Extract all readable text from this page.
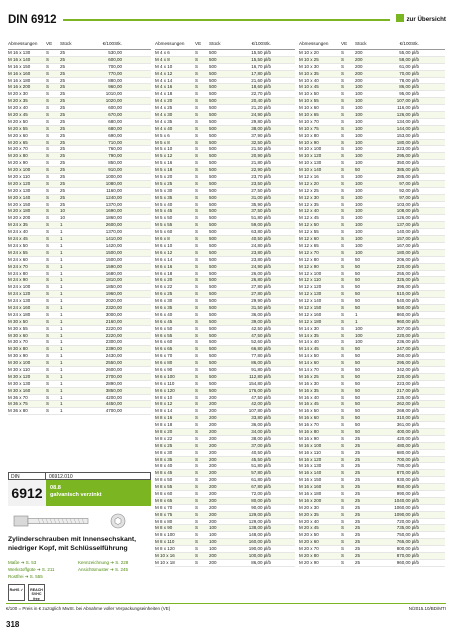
DIN 6912	zur Übersicht
Abmessungen VE Stück	€/100Stk.
M 16 x 130	S 25	530,00
M 16 x 140	S 25	600,00
M 16 x 150	S 25	700,00
M 16 x 160	S 25	770,00
M 16 x 180	S 25	880,00
M 16 x 200	S 25	960,00
M 20 x 30	S 25	1010,00
M 20 x 35	S 25	1020,00
M 20 x 40	S 25	600,00
M 20 x 45	S 25	670,00
M 20 x 50	S 25	680,00
M 20 x 55	S 25	680,00
M 20 x 60	S 25	690,00
M 20 x 65	S 25	710,00
M 20 x 70	S 25	760,00
M 20 x 80	S 25	790,00
M 20 x 90	S 25	850,00
M 20 x 100	S 25	910,00
M 20 x 110	S 25	1000,00
M 20 x 120	S 25	1080,00
M 20 x 130	S 25	1160,00
M 20 x 140	S 25	1240,00
M 20 x 150	S 25	1370,00
M 20 x 180	S 10	1690,00
M 20 x 200	S 10	1860,00
M 24 x 35	S 1	2600,00
M 24 x 40	S 1	1370,00
M 24 x 45	S 1	1410,00
M 24 x 50	S 1	1420,00
M 24 x 55	S 1	1500,00
M 24 x 60	S 1	1500,00
M 24 x 70	S 1	1590,00
M 24 x 80	S 1	1680,00
M 24 x 90	S 1	1810,00
M 24 x 100	S 1	1850,00
M 24 x 120	S 1	1960,00
M 24 x 130	S 1	2020,00
M 24 x 160	S 1	2320,00
M 24 x 180	S 1	3000,00
M 30 x 50	S 1	2160,00
M 30 x 55	S 1	2220,00
M 30 x 60	S 1	2220,00
M 30 x 70	S 1	2300,00
M 30 x 80	S 1	2390,00
M 30 x 90	S 1	2430,00
M 30 x 100	S 1	2550,00
M 30 x 110	S 1	2600,00
M 30 x 120	S 1	2700,00
M 30 x 130	S 1	2890,00
M 30 x 160	S 1	3850,00
M 36 x 70	S 1	4200,00
M 36 x 75	S 1	4450,00
M 36 x 80	S 1	4700,00
Abmessungen VE Stück	€/100Stk.
M 4 x 6	S 500	15,50 pl/b
M 4 x 8	S 500	15,50 pl/b
M 4 x 10	S 500	16,70 pl/b
M 4 x 12	S 500	17,80 pl/b
M 4 x 14	S 500	21,60 pl/b
M 4 x 16	S 500	18,60 pl/b
M 4 x 18	S 500	22,70 pl/b
M 4 x 20	S 500	20,40 pl/b
M 4 x 25	S 500	21,20 pl/b
M 4 x 30	S 500	24,90 pl/b
M 4 x 35	S 500	29,80 pl/b
M 4 x 40	S 500	38,00 pl/b
M 5 x 6	S 500	37,90 pl/b
M 5 x 8	S 500	32,50 pl/b
M 5 x 10	S 500	21,50 pl/b
M 5 x 12	S 500	20,90 pl/b
M 5 x 16	S 500	21,80 pl/b
M 5 x 18	S 500	22,90 pl/b
M 5 x 20	S 500	23,70 pl/b
M 5 x 25	S 500	23,50 pl/b
M 5 x 30	S 500	27,50 pl/b
M 5 x 35	S 500	31,00 pl/b
M 5 x 40	S 500	35,90 pl/b
M 5 x 45	S 500	37,50 pl/b
M 5 x 50	S 500	51,80 pl/b
M 5 x 55	S 500	59,00 pl/b
M 5 x 60	S 500	63,80 pl/b
M 6 x 8	S 500	40,50 pl/b
M 6 x 10	S 500	24,80 pl/b
M 6 x 12	S 500	23,80 pl/b
M 6 x 14	S 500	23,80 pl/b
M 6 x 16	S 500	24,90 pl/b
M 6 x 18	S 500	26,00 pl/b
M 6 x 20	S 500	26,80 pl/b
M 6 x 22	S 500	27,80 pl/b
M 6 x 25	S 500	27,80 pl/b
M 6 x 30	S 500	29,90 pl/b
M 6 x 35	S 500	31,50 pl/b
M 6 x 40	S 500	36,00 pl/b
M 6 x 45	S 500	39,00 pl/b
M 6 x 50	S 500	42,50 pl/b
M 6 x 55	S 500	47,50 pl/b
M 6 x 60	S 500	52,60 pl/b
M 6 x 65	S 500	66,80 pl/b
M 6 x 70	S 500	77,80 pl/b
M 6 x 80	S 500	86,00 pl/b
M 6 x 90	S 500	91,80 pl/b
M 6 x 100	S 500	112,80 pl/b
M 6 x 110	S 500	154,80 pl/b
M 6 x 120	S 500	176,00 pl/b
M 8 x 10	S 200	47,50 pl/b
M 8 x 12	S 200	42,00 pl/b
M 8 x 14	S 200	107,80 pl/b
M 8 x 16	S 200	33,80 pl/b
M 8 x 18	S 200	36,00 pl/b
M 8 x 20	S 200	34,00 pl/b
M 8 x 22	S 200	38,00 pl/b
M 8 x 25	S 200	37,00 pl/b
M 8 x 30	S 200	40,50 pl/b
M 8 x 35	S 200	45,50 pl/b
M 8 x 40	S 200	51,80 pl/b
M 8 x 45	S 200	57,80 pl/b
M 8 x 50	S 200	61,80 pl/b
M 8 x 55	S 200	67,80 pl/b
M 8 x 60	S 200	72,00 pl/b
M 8 x 65	S 200	80,00 pl/b
M 8 x 70	S 200	90,00 pl/b
M 8 x 75	S 200	129,00 pl/b
M 8 x 80	S 200	129,00 pl/b
M 8 x 90	S 100	138,00 pl/b
M 8 x 100	S 100	148,00 pl/b
M 8 x 110	S 100	160,00 pl/b
M 8 x 120	S 100	190,00 pl/b
M 10 x 16	S 200	100,00 pl/b
M 10 x 18	S 200	86,00 pl/b
Abmessungen	VE Stück	€/100Stk.
M 10 x 20	S 200	55,00 pl/b
M 10 x 25	S 200	58,00 pl/b
M 10 x 30	S 200	61,00 pl/b
M 10 x 35	S 200	70,00 pl/b
M 10 x 40	S 200	78,00 pl/b
M 10 x 45	S 100	86,00 pl/b
M 10 x 50	S 100	95,00 pl/b
M 10 x 55	S 100	107,00 pl/b
M 10 x 60	S 100	116,00 pl/b
M 10 x 65	S 100	126,00 pl/b
M 10 x 70	S 100	134,00 pl/b
M 10 x 75	S 100	144,00 pl/b
M 10 x 80	S 100	153,00 pl/b
M 10 x 90	S 100	180,00 pl/b
M 10 x 100	S 100	223,00 pl/b
M 10 x 120	S 100	295,00 pl/b
M 10 x 130	S 100	350,00 pl/b
M 10 x 140	S 50	385,00 pl/b
M 12 x 16	S 100	285,00 pl/b
M 12 x 20	S 100	97,00 pl/b
M 12 x 25	S 100	92,00 pl/b
M 12 x 30	S 100	97,00 pl/b
M 12 x 35	S 100	103,00 pl/b
M 12 x 40	S 100	108,00 pl/b
M 12 x 45	S 100	126,00 pl/b
M 12 x 50	S 100	137,00 pl/b
M 12 x 55	S 100	140,00 pl/b
M 12 x 60	S 100	157,00 pl/b
M 12 x 65	S 100	167,00 pl/b
M 12 x 70	S 100	180,00 pl/b
M 12 x 80	S 50	206,00 pl/b
M 12 x 90	S 50	220,00 pl/b
M 12 x 100	S 50	255,00 pl/b
M 12 x 110	S 50	325,00 pl/b
M 12 x 120	S 50	395,00 pl/b
M 12 x 130	S 50	510,00 pl/b
M 12 x 140	S 50	540,00 pl/b
M 12 x 150	S 50	560,00 pl/b
M 12 x 160	S 1	860,00 pl/b
M 12 x 180	S 1	960,00 pl/b
M 14 x 30	S 100	207,00 pl/b
M 14 x 35	S 100	220,00 pl/b
M 14 x 40	S 100	236,00 pl/b
M 14 x 45	S 50	247,00 pl/b
M 14 x 50	S 50	260,00 pl/b
M 14 x 60	S 50	295,00 pl/b
M 14 x 70	S 50	342,00 pl/b
M 16 x 25	S 50	220,00 pl/b
M 16 x 30	S 50	223,00 pl/b
M 16 x 35	S 50	217,00 pl/b
M 16 x 40	S 50	235,00 pl/b
M 16 x 45	S 50	262,00 pl/b
M 16 x 50	S 50	268,00 pl/b
M 16 x 60	S 50	310,00 pl/b
M 16 x 70	S 50	361,00 pl/b
M 16 x 80	S 50	400,00 pl/b
M 16 x 90	S 25	420,00 pl/b
M 16 x 100	S 25	480,00 pl/b
M 16 x 110	S 25	680,00 pl/b
M 16 x 120	S 25	700,00 pl/b
M 16 x 130	S 25	780,00 pl/b
M 16 x 140	S 25	870,00 pl/b
M 16 x 150	S 25	930,00 pl/b
M 16 x 160	S 25	950,00 pl/b
M 16 x 180	S 25	990,00 pl/b
M 16 x 200	S 25	1040,00 pl/b
M 20 x 30	S 25	1060,00 pl/b
M 20 x 35	S 25	1090,00 pl/b
M 20 x 40	S 25	720,00 pl/b
M 20 x 45	S 25	735,00 pl/b
M 20 x 50	S 25	750,00 pl/b
M 20 x 60	S 25	765,00 pl/b
M 20 x 70	S 25	800,00 pl/b
M 20 x 80	S 25	870,00 pl/b
M 20 x 90	S 25	960,00 pl/b
DIN	06912.010
6912	08.8
galvanisch verzinkt
Zylinderschrauben mit Innensechskant, niedriger Kopf, mit Schlüsselführung
Maße ➔ S. 53	Kennzeichnung ➔ S. 228
Werkstoffgüte ➔ S. 211	Ansichtsmuster ➔ S. 245
Rostfrei ➔ S. 555
RoHS ✓	REACH SVHC free
€/100 = Preis in € zuzüglich MwSt. bei Abnahme voller Verpackungseinheiten (VE)	N/2015.10/BD/MTI
318
